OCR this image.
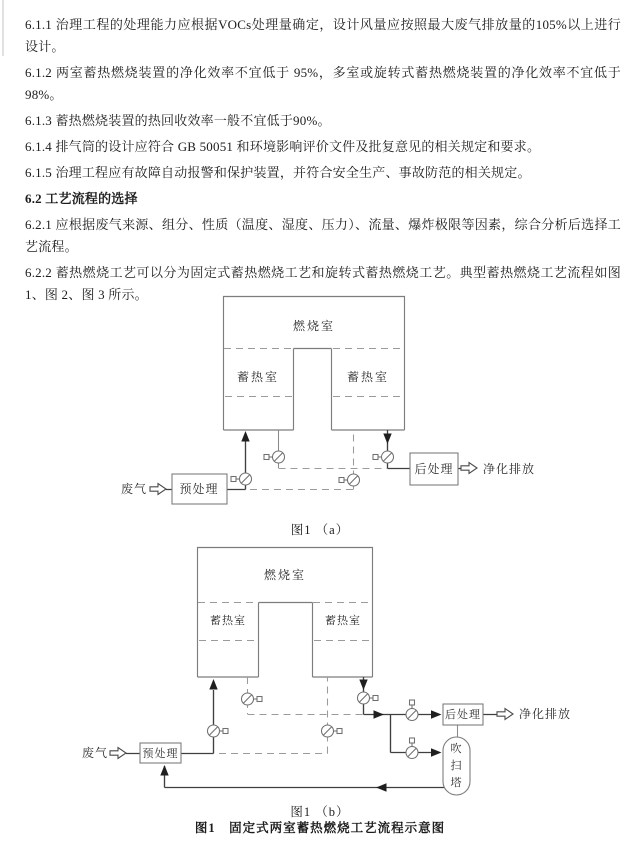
6.1.1 治理工程的处理能力应根据VOCs处理量确定，设计风量应按照最大废气排放量的105%以上进行设计。

6.1.2 两室蓄热燃烧装置的净化效率不宜低于 95%，多室或旋转式蓄热燃烧装置的净化效率不宜低于 98%。

6.1.3 蓄热燃烧装置的热回收效率一般不宜低于90%。

6.1.4 排气筒的设计应符合 GB 50051 和环境影响评价文件及批复意见的相关规定和要求。

6.1.5 治理工程应有故障自动报警和保护装置，并符合安全生产、事故防范的相关规定。

6.2 工艺流程的选择

6.2.1 应根据废气来源、组分、性质（温度、湿度、压力）、流量、爆炸极限等因素，综合分析后选择工艺流程。

6.2.2 蓄热燃烧工艺可以分为固定式蓄热燃烧工艺和旋转式蓄热燃烧工艺。典型蓄热燃烧工艺流程如图 1、图 2、图 3 所示。

燃烧室
蓄热室	蓄热室
废气	预处理
后处理 净化排放
图1 （a）
燃烧室
蓄热室	蓄热室
废气	预处理
后处理	净化排放
吹
扫
塔
图1 （b）
图1　固定式两室蓄热燃烧工艺流程示意图
